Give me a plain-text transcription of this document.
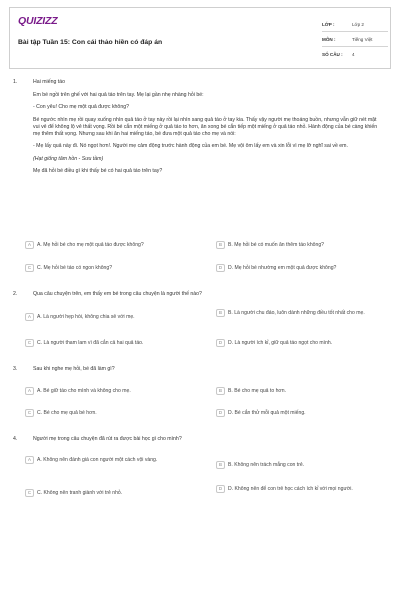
QUIZIZZ
Bài tập Tuần 15: Con cái thảo hiền có đáp án
LỚP :	Lớp 2
MÔN :	Tiếng Việt
SỐ CÂU : 4
1.	Hai miếng táo

Em bé ngồi trên ghế với hai quả táo trên tay. Mẹ lại gần nhẹ nhàng hỏi bé:

- Con yêu! Cho mẹ một quả được không?

Bé ngước nhìn mẹ rồi quay xuống nhìn quả táo ở tay này rồi lại nhìn sang quả táo ở tay kia. Thấy vậy người mẹ thoáng buồn, nhưng vẫn giữ nét mặt vui vẻ để không lộ vẻ thất vọng. Rồi bé cắn một miếng ở quả táo to hơn, ăn xong bé cắn tiếp một miếng ở quả táo nhỏ. Hành động của bé càng khiến mẹ thêm thất vọng. Nhưng sau khi ăn hai miếng táo, bé đưa một quả táo cho mẹ và nói:

- Mẹ lấy quả này đi. Nó ngọt hơn!. Người mẹ cảm động trước hành động của em bé. Mẹ vội ôm lấy em và xin lỗi vì mẹ lỡ nghĩ sai về em.

(Hạt giống tâm hồn - Sưu tầm)

Mẹ đã hỏi bé điều gì khi thấy bé có hai quả táo trên tay?

A	A. Mẹ hỏi bé cho mẹ một quả táo được không?	B	B. Mẹ hỏi bé có muốn ăn thêm táo không?
C	C. Mẹ hỏi bé táo có ngon không?	D	D. Mẹ hỏi bé nhường em một quả được không?
2.	Qua câu chuyện trên, em thấy em bé trong câu chuyện là người thế nào?
A	A. Là người hẹp hòi, không chia sẻ với mẹ.
B	B. Là người chu đáo, luôn dành những điều tốt nhất cho mẹ.
C	C. Là người tham lam vì đã cắn cả hai quả táo.	D	D. Là người ích kỉ, giữ quả táo ngọt cho mình.
3.	Sau khi nghe mẹ hỏi, bé đã làm gì?
A	A. Bé giữ táo cho mình và không cho mẹ.	B	B. Bé cho mẹ quả to hơn.
C	C. Bé cho mẹ quả bé hơn.	D	D. Bé cắn thử mỗi quả một miếng.
4.	Người mẹ trong câu chuyện đã rút ra được bài học gì cho mình?
A	A. Không nên đánh giá con người một cách vội vàng.
B	B. Không nên trách mắng con trẻ.
C	C. Không nên tranh giành với trẻ nhỏ.
D	D. Không nên để con trẻ học cách ích kỉ với mọi người.
